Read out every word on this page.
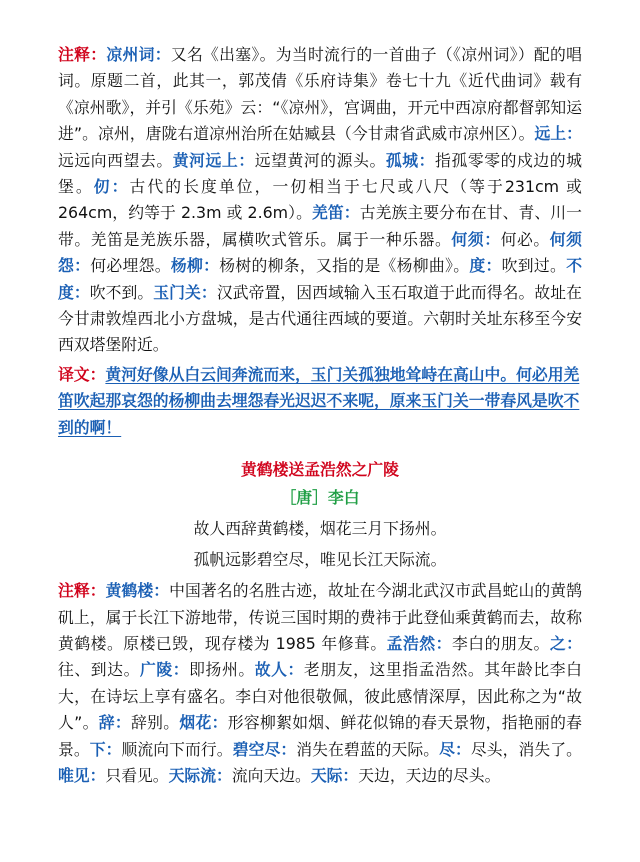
注释：凉州词：又名《出塞》。为当时流行的一首曲子（《凉州词》）配的唱词。原题二首，此其一，郭茂倩《乐府诗集》卷七十九《近代曲词》载有《凉州歌》，并引《乐苑》云：“《凉州》，宫调曲，开元中西凉府都督郭知运进”。凉州，唐陇右道凉州治所在姑臧县（今甘肃省武威市凉州区）。远上：远远向西望去。黄河远上：远望黄河的源头。孤城：指孤零零的戍边的城堡。仞：古代的长度单位，一仞相当于七尺或八尺（等于231cm 或 264cm，约等于 2.3m 或 2.6m）。羌笛：古羌族主要分布在甘、青、川一带。羌笛是羌族乐器，属横吹式管乐。属于一种乐器。何须：何必。何须怨：何必埋怨。杨柳：杨树的柳条，又指的是《杨柳曲》。度：吹到过。不度：吹不到。玉门关：汉武帝置，因西域输入玉石取道于此而得名。故址在今甘肃敦煌西北小方盘城，是古代通往西域的要道。六朝时关址东移至今安西双塔堡附近。

译文：黄河好像从白云间奔流而来，玉门关孤独地耸峙在高山中。何必用羌笛吹起那哀怨的杨柳曲去埋怨春光迟迟不来呢，原来玉门关一带春风是吹不到的啊！

黄鹤楼送孟浩然之广陵
［唐］李白
故人西辞黄鹤楼，烟花三月下扬州。
孤帆远影碧空尽，唯见长江天际流。

注释：黄鹤楼：中国著名的名胜古迹，故址在今湖北武汉市武昌蛇山的黄鹄矶上，属于长江下游地带，传说三国时期的费祎于此登仙乘黄鹤而去，故称黄鹤楼。原楼已毁，现存楼为 1985 年修葺。孟浩然：李白的朋友。之：往、到达。广陵：即扬州。故人：老朋友，这里指孟浩然。其年龄比李白大，在诗坛上享有盛名。李白对他很敬佩，彼此感情深厚，因此称之为“故人”。辞：辞别。烟花：形容柳絮如烟、鲜花似锦的春天景物，指艳丽的春景。下：顺流向下而行。碧空尽：消失在碧蓝的天际。尽：尽头，消失了。唯见：只看见。天际流：流向天边。天际：天边，天边的尽头。
